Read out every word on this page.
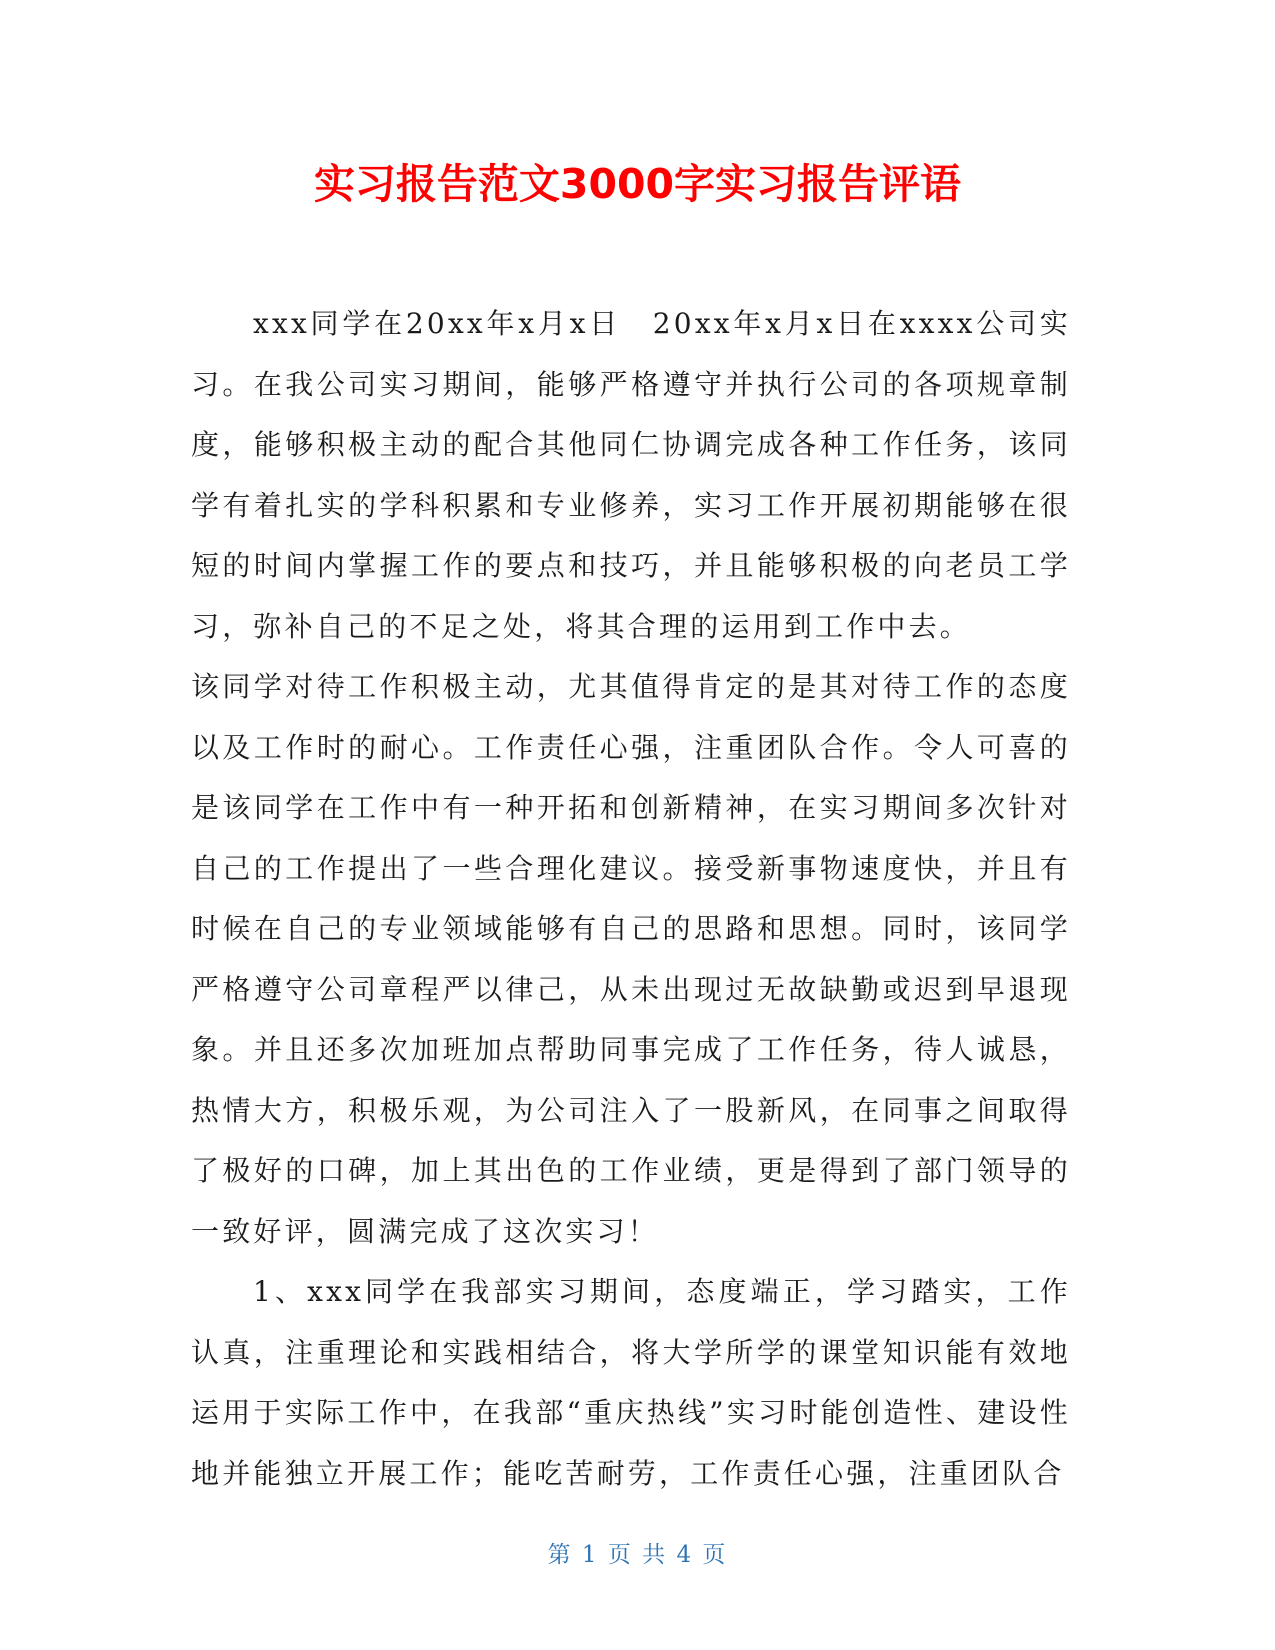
实习报告范文3000字实习报告评语

xxx同学在20xx年x月x日　20xx年x月x日在xxxx公司实习。在我公司实习期间，能够严格遵守并执行公司的各项规章制度，能够积极主动的配合其他同仁协调完成各种工作任务，该同学有着扎实的学科积累和专业修养，实习工作开展初期能够在很短的时间内掌握工作的要点和技巧，并且能够积极的向老员工学习，弥补自己的不足之处，将其合理的运用到工作中去。

该同学对待工作积极主动，尤其值得肯定的是其对待工作的态度以及工作时的耐心。工作责任心强，注重团队合作。令人可喜的是该同学在工作中有一种开拓和创新精神，在实习期间多次针对自己的工作提出了一些合理化建议。接受新事物速度快，并且有时候在自己的专业领域能够有自己的思路和思想。同时，该同学严格遵守公司章程严以律己，从未出现过无故缺勤或迟到早退现象。并且还多次加班加点帮助同事完成了工作任务，待人诚恳，热情大方，积极乐观，为公司注入了一股新风，在同事之间取得了极好的口碑，加上其出色的工作业绩，更是得到了部门领导的一致好评，圆满完成了这次实习！

1、xxx同学在我部实习期间，态度端正，学习踏实，工作认真，注重理论和实践相结合，将大学所学的课堂知识能有效地运用于实际工作中，在我部“重庆热线”实习时能创造性、建设性地并能独立开展工作；能吃苦耐劳，工作责任心强，注重团队合

第 1 页 共 4 页
